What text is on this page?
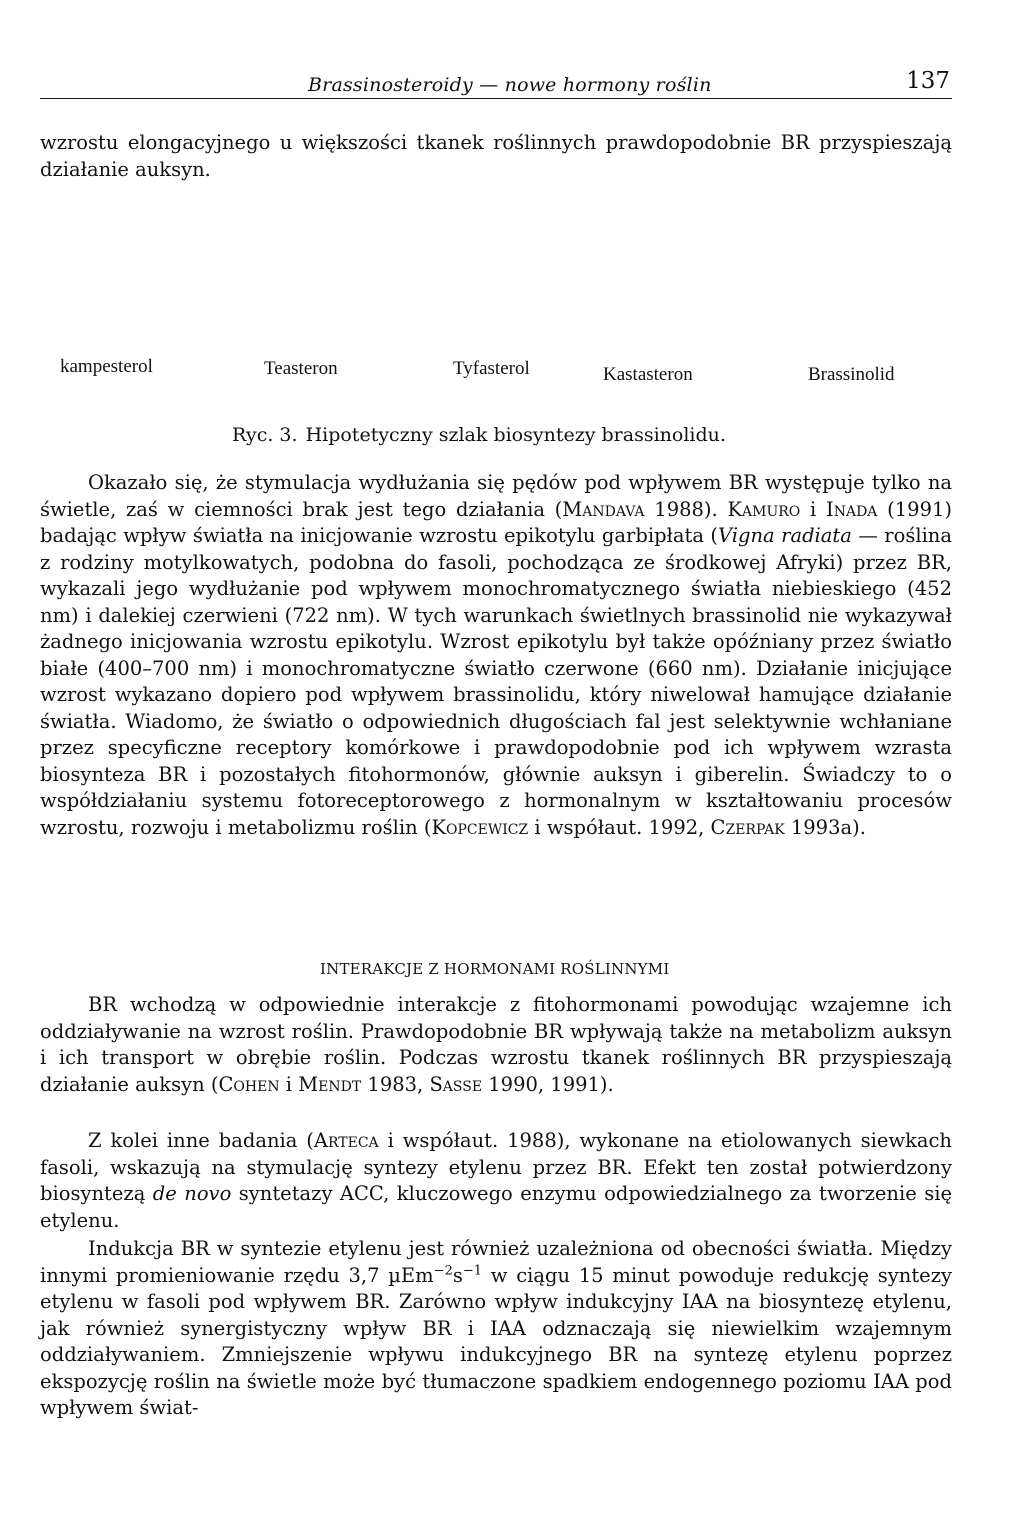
Brassinosteroidy — nowe hormony roślin	137

wzrostu elongacyjnego u większości tkanek roślinnych prawdopodobnie BR przyspieszają działanie auksyn.

kampesterol	Teasteron	Tyfasterol	Kastasteron	Brassinolid
Ryc. 3. Hipotetyczny szlak biosyntezy brassinolidu.

Okazało się, że stymulacja wydłużania się pędów pod wpływem BR występuje tylko na świetle, zaś w ciemności brak jest tego działania (Mandava 1988). Kamuro i Inada (1991) badając wpływ światła na inicjowanie wzrostu epikotylu garbipłata (Vigna radiata — roślina z rodziny motylkowatych, podobna do fasoli, pochodząca ze środkowej Afryki) przez BR, wykazali jego wydłużanie pod wpływem monochromatycznego światła niebieskiego (452 nm) i dalekiej czerwieni (722 nm). W tych warunkach świetlnych brassinolid nie wykazywał żadnego inicjowania wzrostu epikotylu. Wzrost epikotylu był także opóźniany przez światło białe (400–700 nm) i monochromatyczne światło czerwone (660 nm). Działanie inicjujące wzrost wykazano dopiero pod wpływem brassinolidu, który niwelował hamujące działanie światła. Wiadomo, że światło o odpowiednich długościach fal jest selektywnie wchłaniane przez specyficzne receptory komórkowe i prawdopodobnie pod ich wpływem wzrasta biosynteza BR i pozostałych fitohormonów, głównie auksyn i giberelin. Świadczy to o współdziałaniu systemu fotoreceptorowego z hormonalnym w kształtowaniu procesów wzrostu, rozwoju i metabolizmu roślin (Kopcewicz i współaut. 1992, Czerpak 1993a).

INTERAKCJE Z HORMONAMI ROŚLINNYMI

BR wchodzą w odpowiednie interakcje z fitohormonami powodując wzajemne ich oddziaływanie na wzrost roślin. Prawdopodobnie BR wpływają także na metabolizm auksyn i ich transport w obrębie roślin. Podczas wzrostu tkanek roślinnych BR przyspieszają działanie auksyn (Cohen i Mendt 1983, Sasse 1990, 1991).

Z kolei inne badania (Arteca i współaut. 1988), wykonane na etiolowanych siewkach fasoli, wskazują na stymulację syntezy etylenu przez BR. Efekt ten został potwierdzony biosyntezą de novo syntetazy ACC, kluczowego enzymu odpowiedzialnego za tworzenie się etylenu.

Indukcja BR w syntezie etylenu jest również uzależniona od obecności światła. Między innymi promieniowanie rzędu 3,7 $\mu Em^{-2}s^{-1}$ w ciągu 15 minut powoduje redukcję syntezy etylenu w fasoli pod wpływem BR. Zarówno wpływ indukcyjny IAA na biosyntezę etylenu, jak również synergistyczny wpływ BR i IAA odznaczają się niewielkim wzajemnym oddziaływaniem. Zmniejszenie wpływu indukcyjnego BR na syntezę etylenu poprzez ekspozycję roślin na świetle może być tłumaczone spadkiem endogennego poziomu IAA pod wpływem świat-
